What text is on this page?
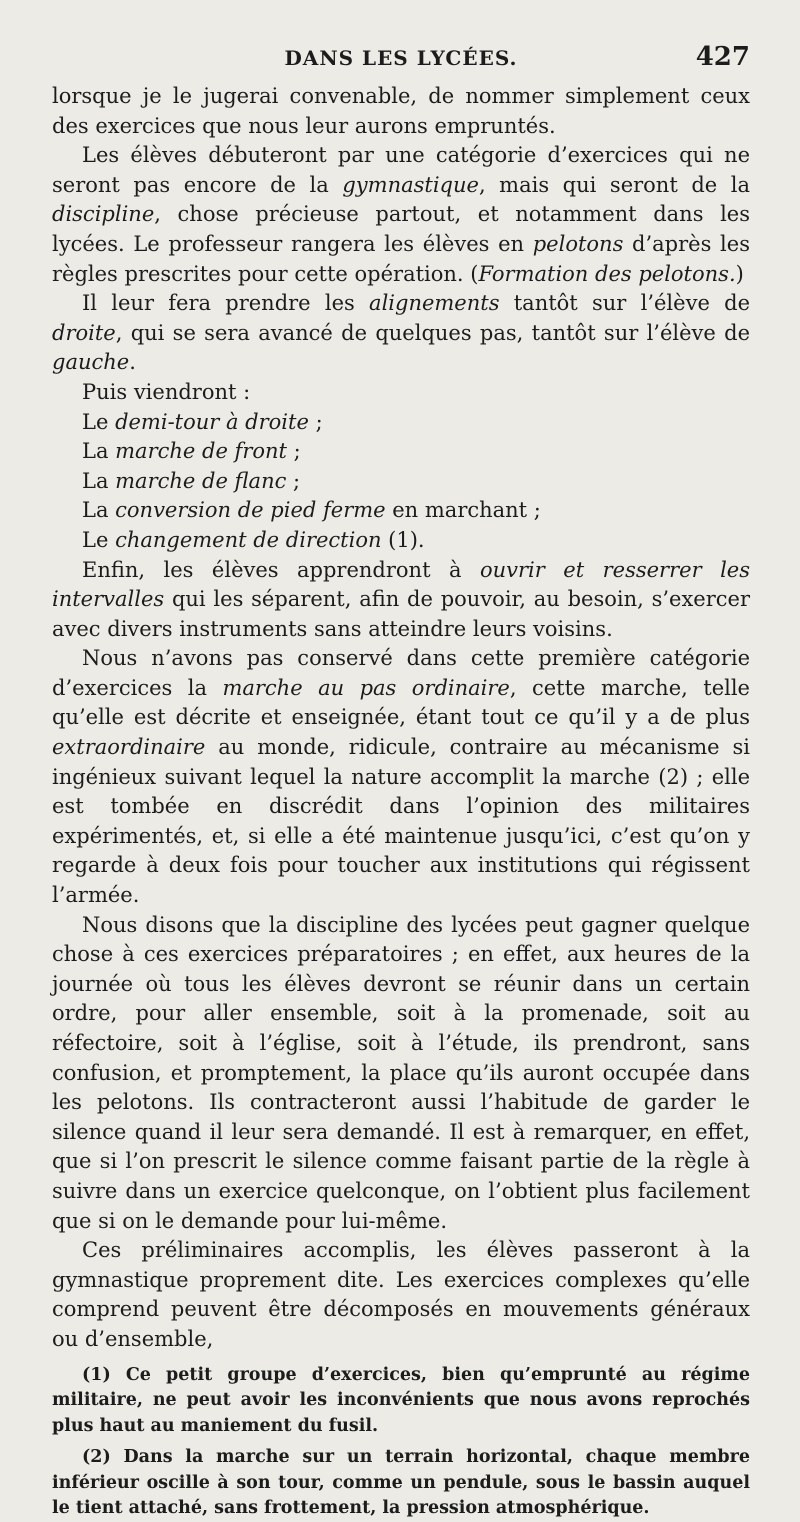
DANS LES LYCÉES.	427

lorsque je le jugerai convenable, de nommer simplement ceux des exercices que nous leur aurons empruntés.

Les élèves débuteront par une catégorie d’exercices qui ne seront pas encore de la gymnastique, mais qui seront de la discipline, chose précieuse partout, et notamment dans les lycées. Le professeur rangera les élèves en pelotons d’après les règles prescrites pour cette opération. (Formation des pelotons.)

Il leur fera prendre les alignements tantôt sur l’élève de droite, qui se sera avancé de quelques pas, tantôt sur l’élève de gauche.

Puis viendront :

Le demi-tour à droite ;

La marche de front ;

La marche de flanc ;

La conversion de pied ferme en marchant ;

Le changement de direction (1).

Enfin, les élèves apprendront à ouvrir et resserrer les intervalles qui les séparent, afin de pouvoir, au besoin, s’exercer avec divers instruments sans atteindre leurs voisins.

Nous n’avons pas conservé dans cette première catégorie d’exercices la marche au pas ordinaire, cette marche, telle qu’elle est décrite et enseignée, étant tout ce qu’il y a de plus extraordinaire au monde, ridicule, contraire au mécanisme si ingénieux suivant lequel la nature accomplit la marche (2) ; elle est tombée en discrédit dans l’opinion des militaires expérimentés, et, si elle a été maintenue jusqu’ici, c’est qu’on y regarde à deux fois pour toucher aux institutions qui régissent l’armée.

Nous disons que la discipline des lycées peut gagner quelque chose à ces exercices préparatoires ; en effet, aux heures de la journée où tous les élèves devront se réunir dans un certain ordre, pour aller ensemble, soit à la promenade, soit au réfectoire, soit à l’église, soit à l’étude, ils prendront, sans confusion, et promptement, la place qu’ils auront occupée dans les pelotons. Ils contracteront aussi l’habitude de garder le silence quand il leur sera demandé. Il est à remarquer, en effet, que si l’on prescrit le silence comme faisant partie de la règle à suivre dans un exercice quelconque, on l’obtient plus facilement que si on le demande pour lui-même.

Ces préliminaires accomplis, les élèves passeront à la gymnastique proprement dite. Les exercices complexes qu’elle comprend peuvent être décomposés en mouvements généraux ou d’ensemble,

(1) Ce petit groupe d’exercices, bien qu’emprunté au régime militaire, ne peut avoir les inconvénients que nous avons reprochés plus haut au maniement du fusil.

(2) Dans la marche sur un terrain horizontal, chaque membre inférieur oscille à son tour, comme un pendule, sous le bassin auquel le tient attaché, sans frottement, la pression atmosphérique.
